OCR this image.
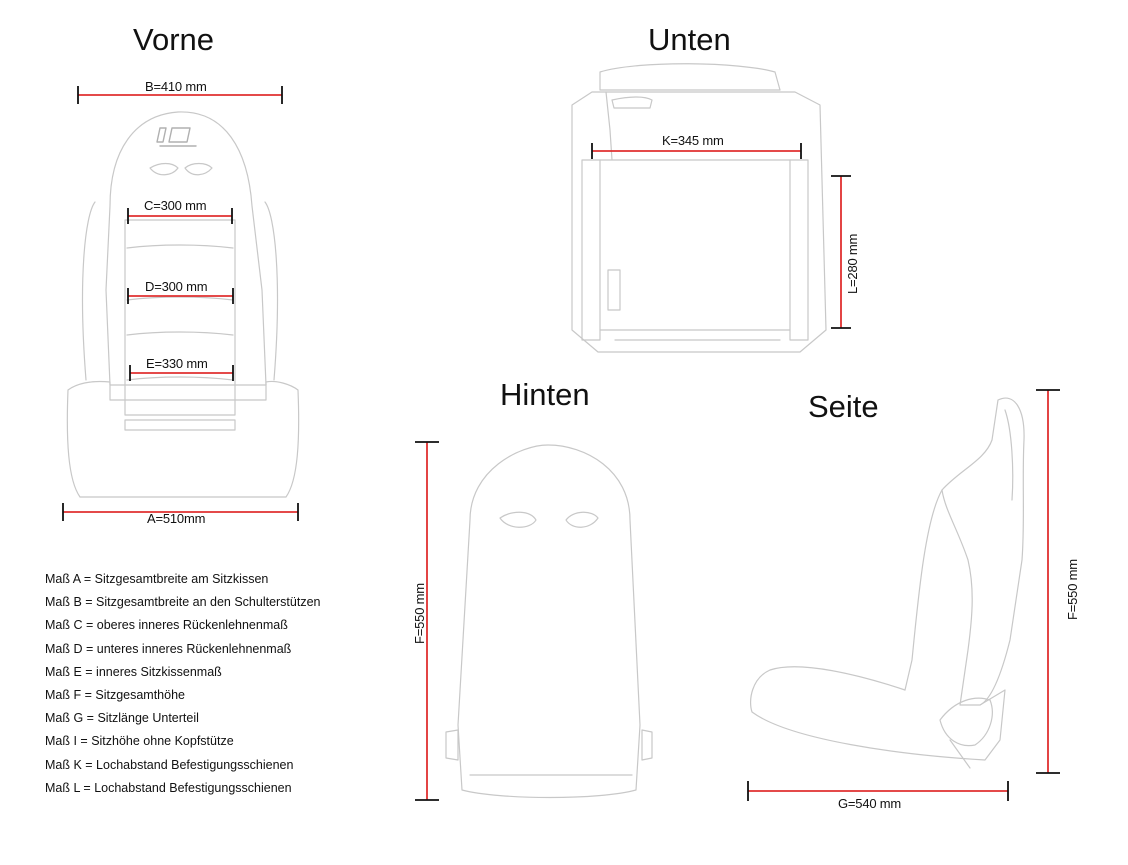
Vorne	Unten
Hinten	Seite
B=410 mm
C=300 mm
D=300 mm
E=330 mm
A=510mm
K=345 mm
G=540 mm
L=280 mm
F=550 mm	F=550 mm
Maß A = Sitzgesamtbreite am Sitzkissen
Maß B = Sitzgesamtbreite an den Schulterstützen
Maß C = oberes inneres Rückenlehnenmaß
Maß D = unteres inneres Rückenlehnenmaß
Maß E = inneres Sitzkissenmaß
Maß F = Sitzgesamthöhe
Maß G = Sitzlänge Unterteil
Maß I = Sitzhöhe ohne Kopfstütze
Maß K = Lochabstand Befestigungsschienen
Maß L = Lochabstand Befestigungsschienen
